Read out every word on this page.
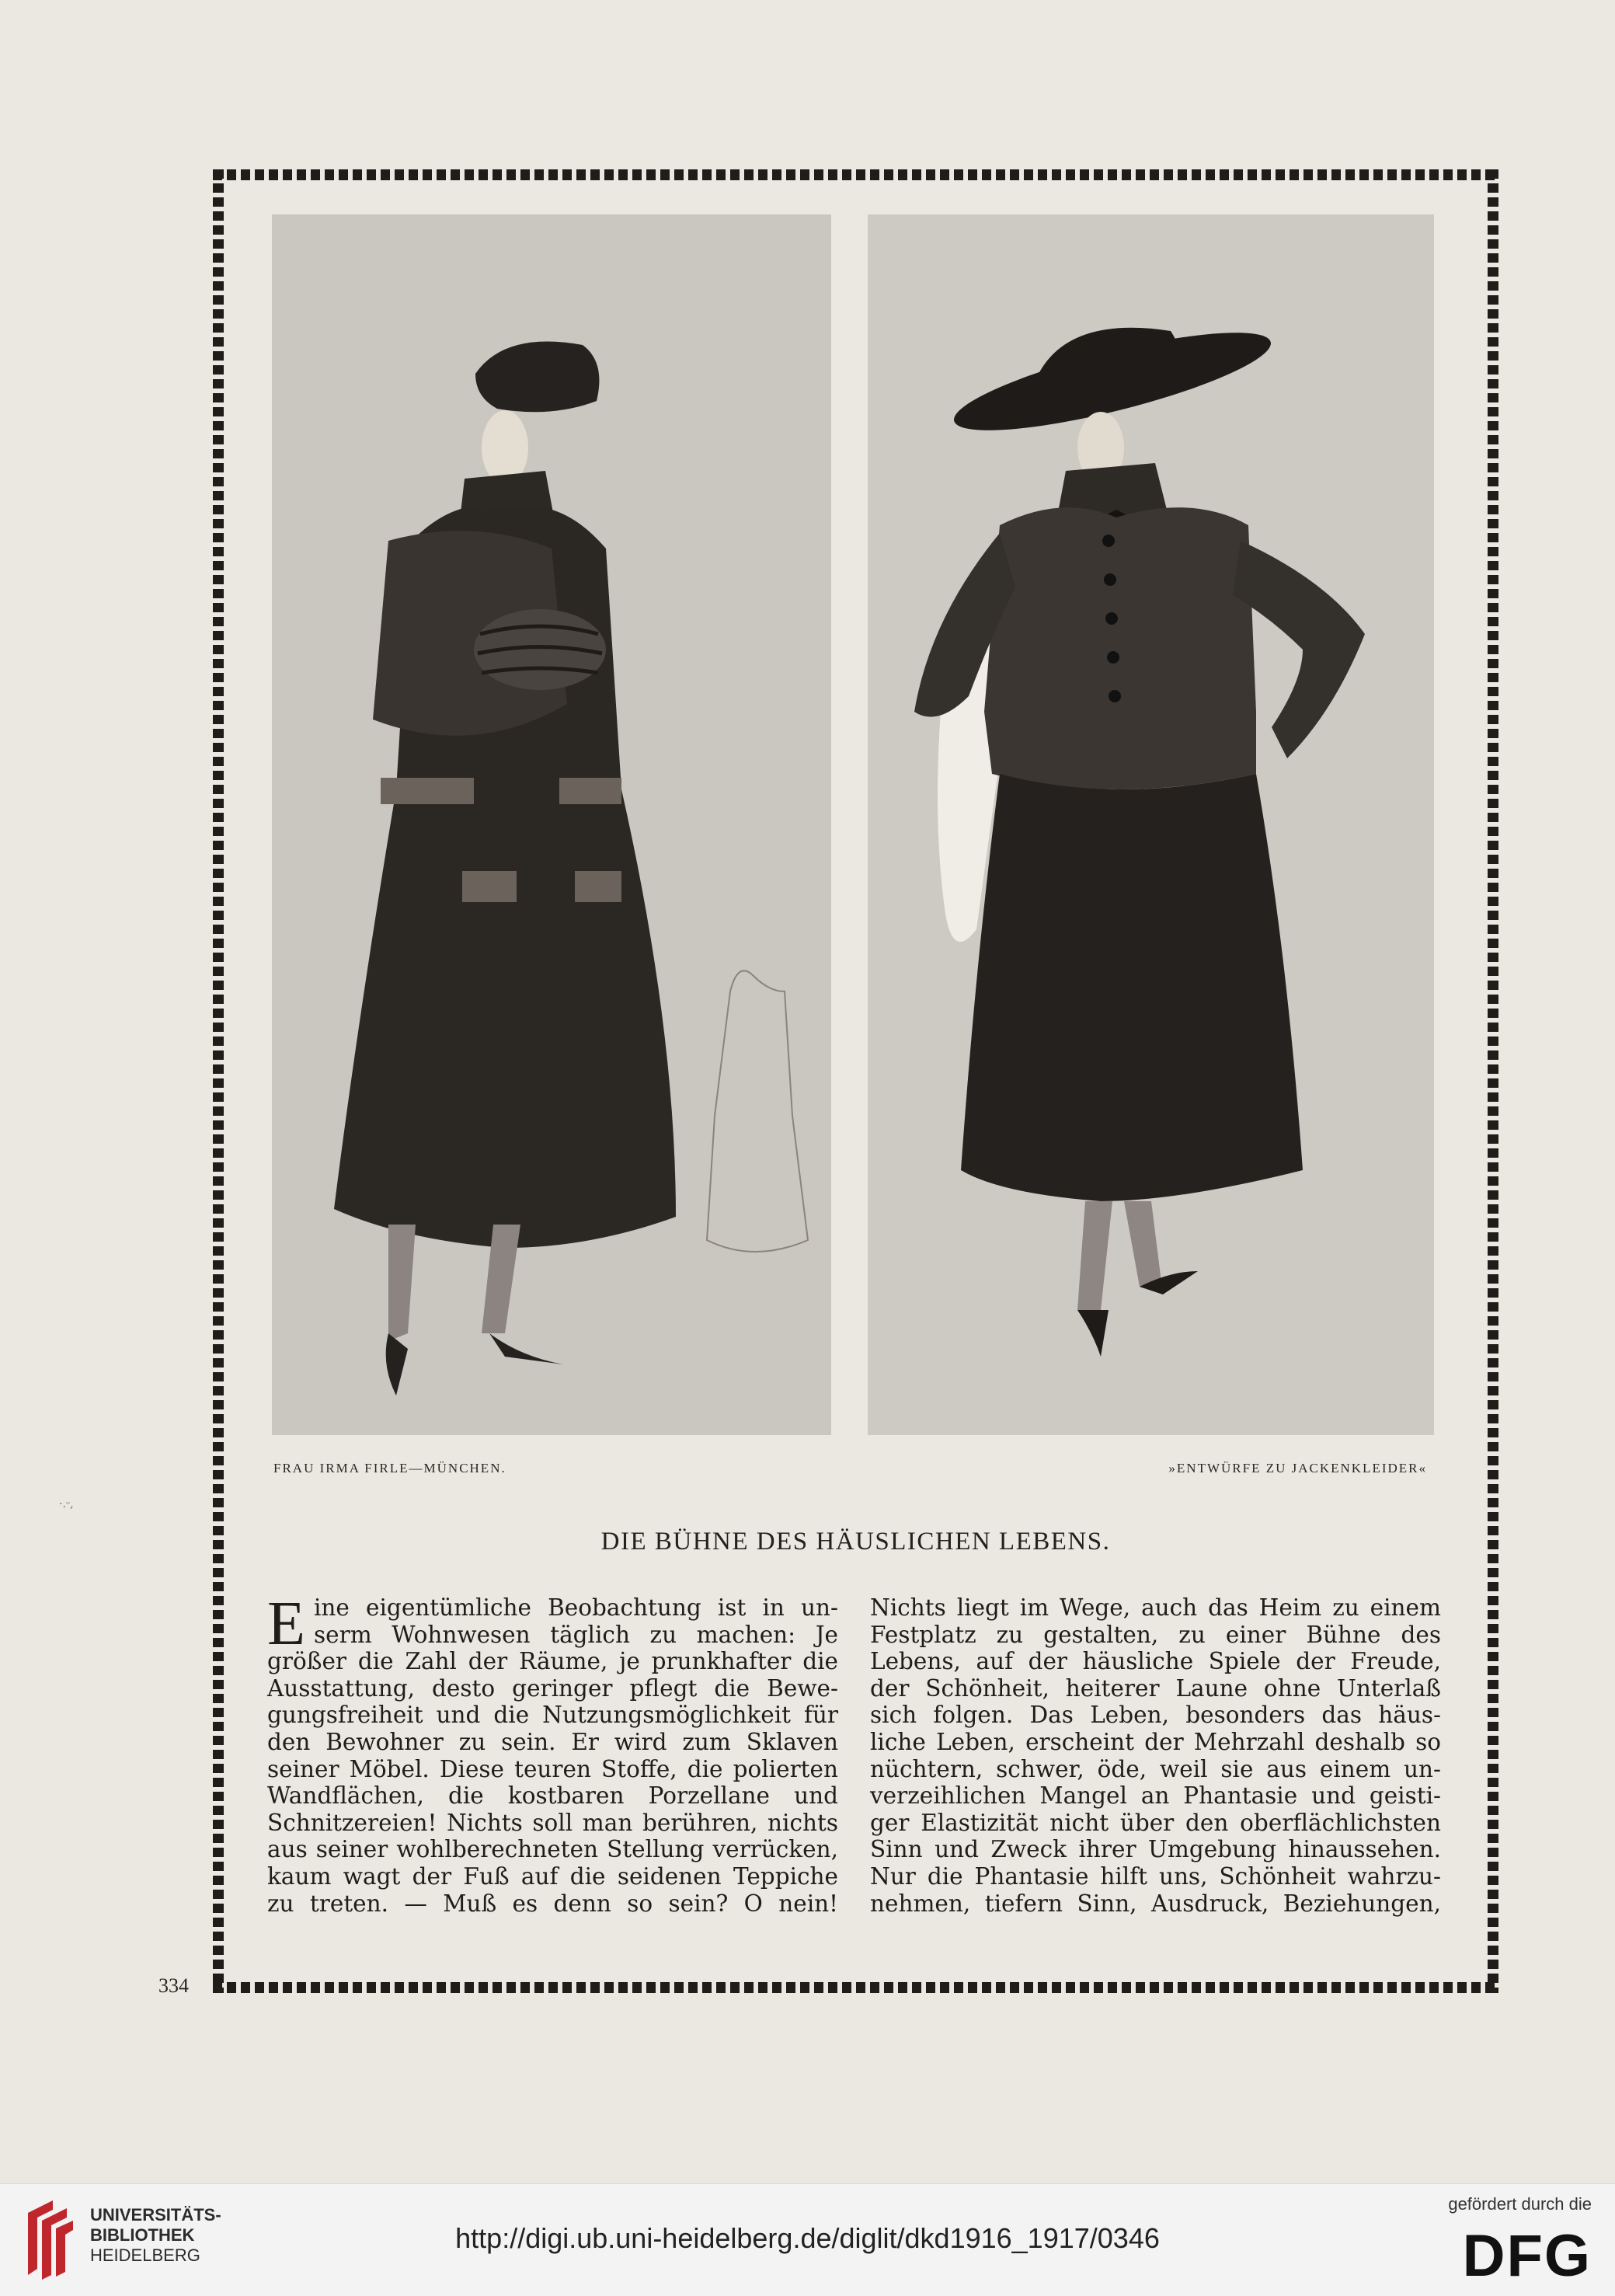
FRAU IRMA FIRLE—MÜNCHEN.	»ENTWÜRFE ZU JACKENKLEIDER«
·.ᵕ,
DIE BÜHNE DES HÄUSLICHEN LEBENS.
E ine eigentümliche Beobachtung ist in un-
serm Wohnwesen täglich zu machen: Je
größer die Zahl der Räume, je prunkhafter die
Ausstattung, desto geringer pflegt die Bewe-
gungsfreiheit und die Nutzungsmöglichkeit für
den Bewohner zu sein. Er wird zum Sklaven
seiner Möbel. Diese teuren Stoffe, die polierten
Wandflächen, die kostbaren Porzellane und
Schnitzereien! Nichts soll man berühren, nichts
aus seiner wohlberechneten Stellung verrücken,
kaum wagt der Fuß auf die seidenen Teppiche
zu treten. — Muß es denn so sein? O nein!
Nichts liegt im Wege, auch das Heim zu einem
Festplatz zu gestalten, zu einer Bühne des
Lebens, auf der häusliche Spiele der Freude,
der Schönheit, heiterer Laune ohne Unterlaß
sich folgen. Das Leben, besonders das häus-
liche Leben, erscheint der Mehrzahl deshalb so
nüchtern, schwer, öde, weil sie aus einem un-
verzeihlichen Mangel an Phantasie und geisti-
ger Elastizität nicht über den oberflächlichsten
Sinn und Zweck ihrer Umgebung hinaussehen.
Nur die Phantasie hilft uns, Schönheit wahrzu-
nehmen, tiefern Sinn, Ausdruck, Beziehungen,
334
UNIVERSITÄTS-
BIBLIOTHEK
HEIDELBERG
http://digi.ub.uni-heidelberg.de/diglit/dkd1916_1917/0346
gefördert durch die
DFG
